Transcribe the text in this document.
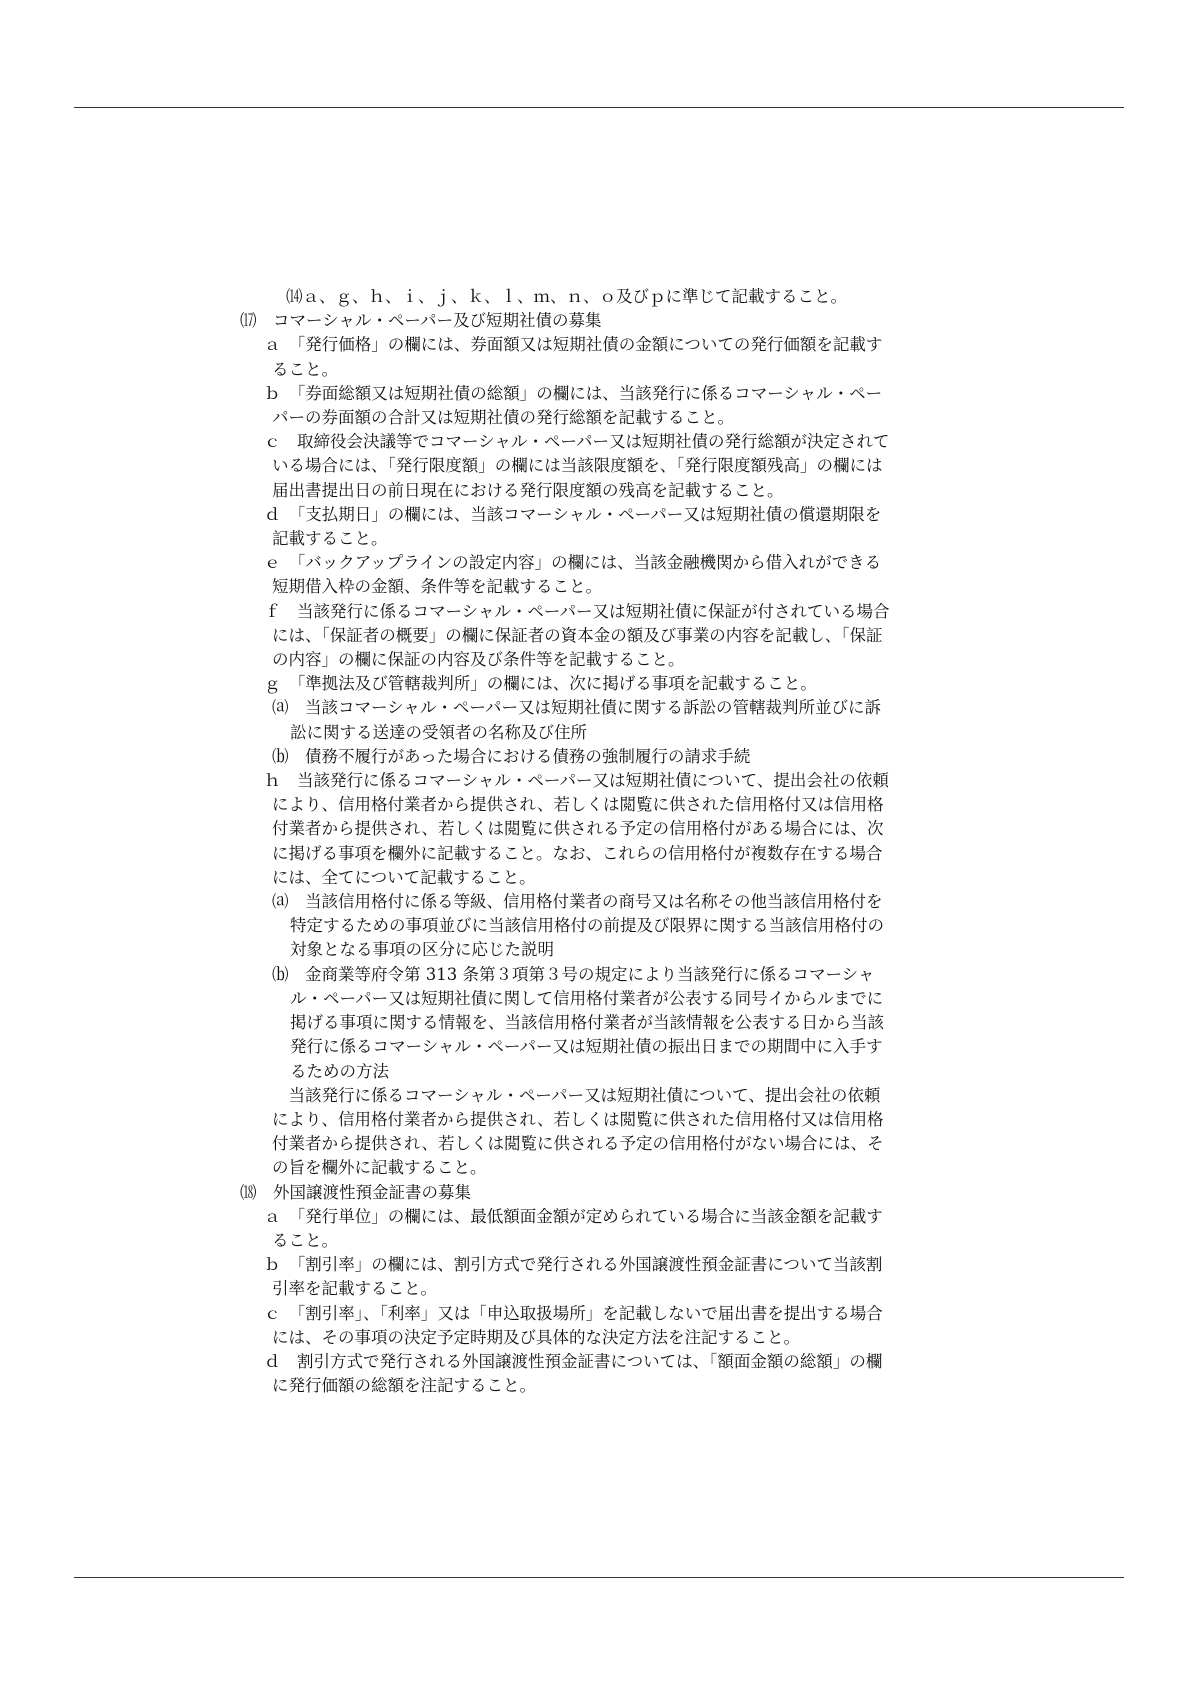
⒁ａ、ｇ、ｈ、ｉ、ｊ、ｋ、ｌ、ｍ、ｎ、ｏ及びｐに準じて記載すること。
⒄　コマーシャル・ペーパー及び短期社債の募集
ａ　「発行価格」の欄には、券面額又は短期社債の金額についての発行価額を記載す
ること。
ｂ　「券面総額又は短期社債の総額」の欄には、当該発行に係るコマーシャル・ペー
パーの券面額の合計又は短期社債の発行総額を記載すること。
ｃ　取締役会決議等でコマーシャル・ペーパー又は短期社債の発行総額が決定されて
いる場合には、「発行限度額」の欄には当該限度額を、「発行限度額残高」の欄には
届出書提出日の前日現在における発行限度額の残高を記載すること。
ｄ　「支払期日」の欄には、当該コマーシャル・ペーパー又は短期社債の償還期限を
記載すること。
ｅ　「バックアップラインの設定内容」の欄には、当該金融機関から借入れができる
短期借入枠の金額、条件等を記載すること。
ｆ　当該発行に係るコマーシャル・ペーパー又は短期社債に保証が付されている場合
には、「保証者の概要」の欄に保証者の資本金の額及び事業の内容を記載し、「保証
の内容」の欄に保証の内容及び条件等を記載すること。
ｇ　「準拠法及び管轄裁判所」の欄には、次に掲げる事項を記載すること。
⒜　当該コマーシャル・ペーパー又は短期社債に関する訴訟の管轄裁判所並びに訴
訟に関する送達の受領者の名称及び住所
⒝　債務不履行があった場合における債務の強制履行の請求手続
ｈ　当該発行に係るコマーシャル・ペーパー又は短期社債について、提出会社の依頼
により、信用格付業者から提供され、若しくは閲覧に供された信用格付又は信用格
付業者から提供され、若しくは閲覧に供される予定の信用格付がある場合には、次
に掲げる事項を欄外に記載すること。なお、これらの信用格付が複数存在する場合
には、全てについて記載すること。
⒜　当該信用格付に係る等級、信用格付業者の商号又は名称その他当該信用格付を
特定するための事項並びに当該信用格付の前提及び限界に関する当該信用格付の
対象となる事項の区分に応じた説明
⒝　金商業等府令第 313 条第３項第３号の規定により当該発行に係るコマーシャ
ル・ペーパー又は短期社債に関して信用格付業者が公表する同号イからルまでに
掲げる事項に関する情報を、当該信用格付業者が当該情報を公表する日から当該
発行に係るコマーシャル・ペーパー又は短期社債の振出日までの期間中に入手す
るための方法
　当該発行に係るコマーシャル・ペーパー又は短期社債について、提出会社の依頼
により、信用格付業者から提供され、若しくは閲覧に供された信用格付又は信用格
付業者から提供され、若しくは閲覧に供される予定の信用格付がない場合には、そ
の旨を欄外に記載すること。
⒅　外国譲渡性預金証書の募集
ａ　「発行単位」の欄には、最低額面金額が定められている場合に当該金額を記載す
ること。
ｂ　「割引率」の欄には、割引方式で発行される外国譲渡性預金証書について当該割
引率を記載すること。
ｃ　「割引率」、「利率」又は「申込取扱場所」を記載しないで届出書を提出する場合
には、その事項の決定予定時期及び具体的な決定方法を注記すること。
ｄ　割引方式で発行される外国譲渡性預金証書については、「額面金額の総額」の欄
に発行価額の総額を注記すること。
